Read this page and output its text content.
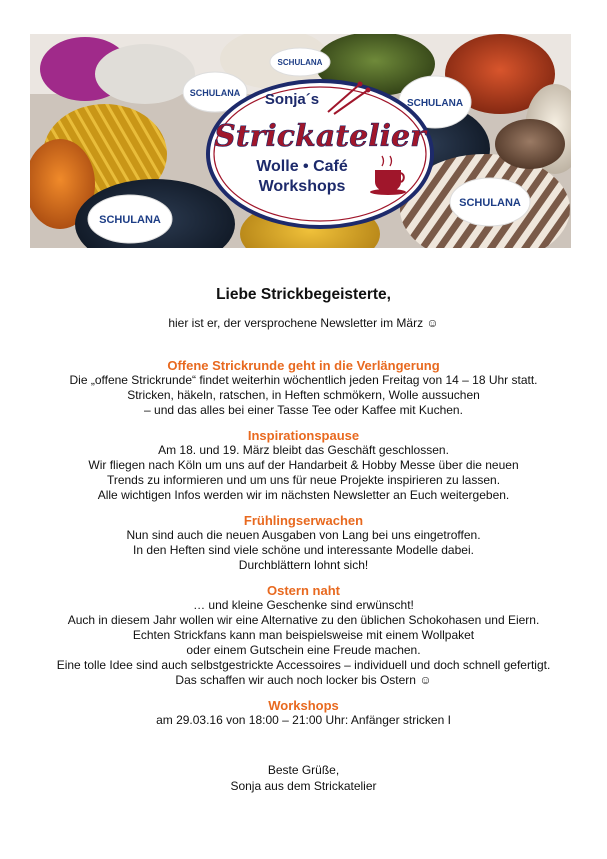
SCHULANA
SCHULANA
SCHULANA
SCHULANA
SCHULANA
Sonja´s
Strickatelier
Wolle • Café
Workshops
Liebe Strickbegeisterte,
hier ist er, der versprochene Newsletter im März ☺
Offene Strickrunde geht in die Verlängerung
Die „offene Strickrunde“ findet weiterhin wöchentlich jeden Freitag von 14 – 18 Uhr statt.
Stricken, häkeln, ratschen, in Heften schmökern, Wolle aussuchen
– und das alles bei einer Tasse Tee oder Kaffee mit Kuchen.
Inspirationspause
Am 18. und 19. März bleibt das Geschäft geschlossen.
Wir fliegen nach Köln um uns auf der Handarbeit & Hobby Messe über die neuen
Trends zu informieren und um uns für neue Projekte inspirieren zu lassen.
Alle wichtigen Infos werden wir im nächsten Newsletter an Euch weitergeben.
Frühlingserwachen
Nun sind auch die neuen Ausgaben von Lang bei uns eingetroffen.
In den Heften sind viele schöne und interessante Modelle dabei.
Durchblättern lohnt sich!
Ostern naht
… und kleine Geschenke sind erwünscht!
Auch in diesem Jahr wollen wir eine Alternative zu den üblichen Schokohasen und Eiern.
Echten Strickfans kann man beispielsweise mit einem Wollpaket
oder einem Gutschein eine Freude machen.
Eine tolle Idee sind auch selbstgestrickte Accessoires – individuell und doch schnell gefertigt.
Das schaffen wir auch noch locker bis Ostern ☺
Workshops
am 29.03.16 von 18:00 – 21:00 Uhr: Anfänger stricken I
Beste Grüße,
Sonja aus dem Strickatelier
